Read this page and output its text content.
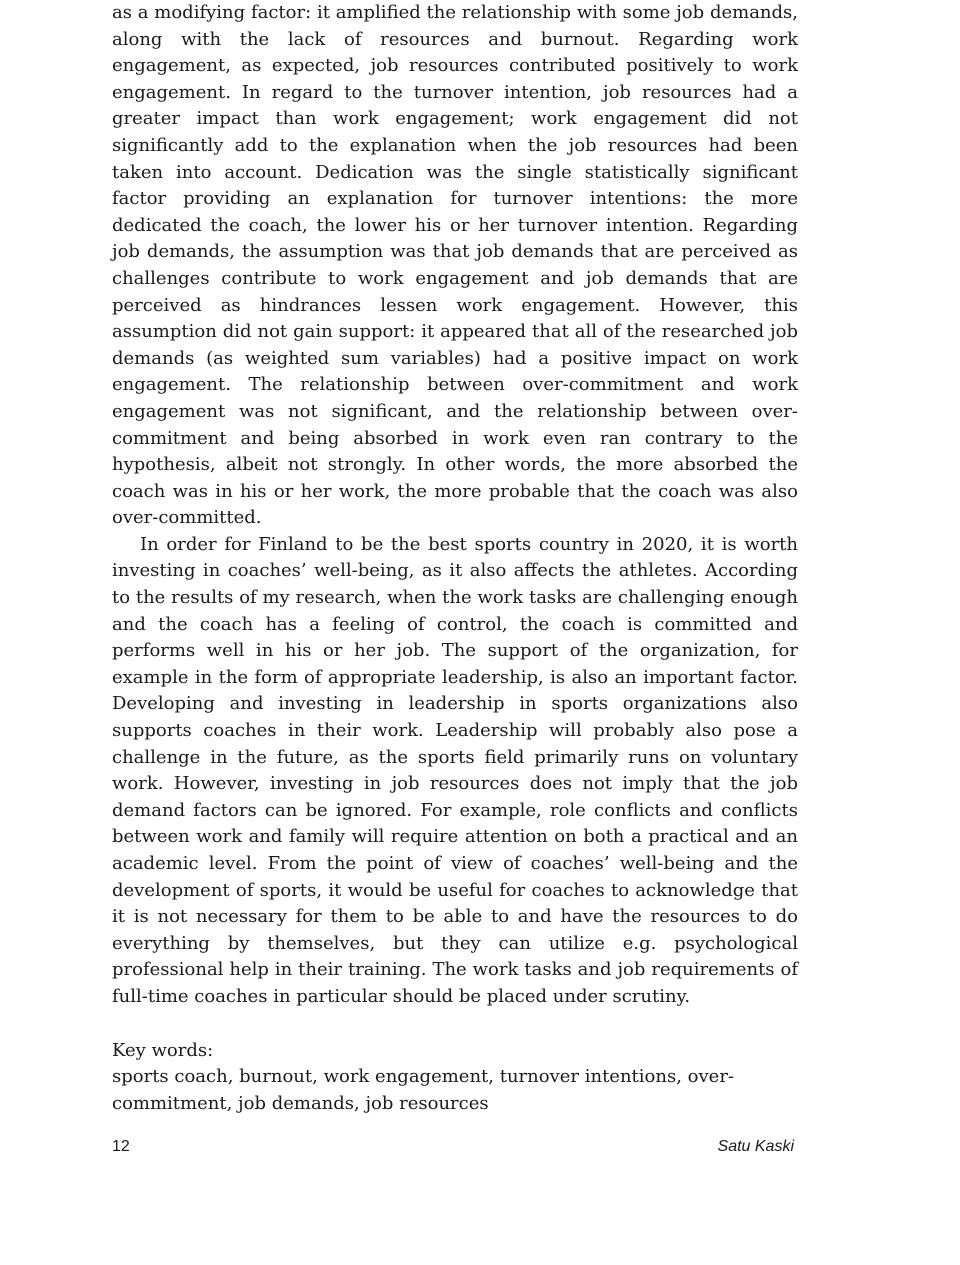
as a modifying factor: it amplified the relationship with some job demands, along with the lack of resources and burnout. Regarding work engagement, as expected, job resources contributed positively to work engagement. In regard to the turnover intention, job resources had a greater impact than work engagement; work engagement did not significantly add to the explanation when the job resources had been taken into account. Dedication was the single statistically significant factor providing an explanation for turnover intentions: the more dedicated the coach, the lower his or her turnover intention. Regarding job demands, the assumption was that job demands that are perceived as challenges contribute to work engagement and job demands that are perceived as hindrances lessen work engagement. However, this assumption did not gain support: it appeared that all of the researched job demands (as weighted sum variables) had a positive impact on work engagement. The relationship between over-commitment and work engagement was not significant, and the relationship between over-commitment and being absorbed in work even ran contrary to the hypothesis, albeit not strongly. In other words, the more absorbed the coach was in his or her work, the more probable that the coach was also over-committed.

In order for Finland to be the best sports country in 2020, it is worth investing in coaches’ well-being, as it also affects the athletes. According to the results of my research, when the work tasks are challenging enough and the coach has a feeling of control, the coach is committed and performs well in his or her job. The support of the organization, for example in the form of appropriate leadership, is also an important factor. Developing and investing in leadership in sports organizations also supports coaches in their work. Leadership will probably also pose a challenge in the future, as the sports field primarily runs on voluntary work. However, investing in job resources does not imply that the job demand factors can be ignored. For example, role conflicts and conflicts between work and family will require attention on both a practical and an academic level. From the point of view of coaches’ well-being and the development of sports, it would be useful for coaches to acknowledge that it is not necessary for them to be able to and have the resources to do everything by themselves, but they can utilize e.g. psychological professional help in their training. The work tasks and job requirements of full-time coaches in particular should be placed under scrutiny.

Key words:
sports coach, burnout, work engagement, turnover intentions, over-commitment, job demands, job resources
12	Satu Kaski
